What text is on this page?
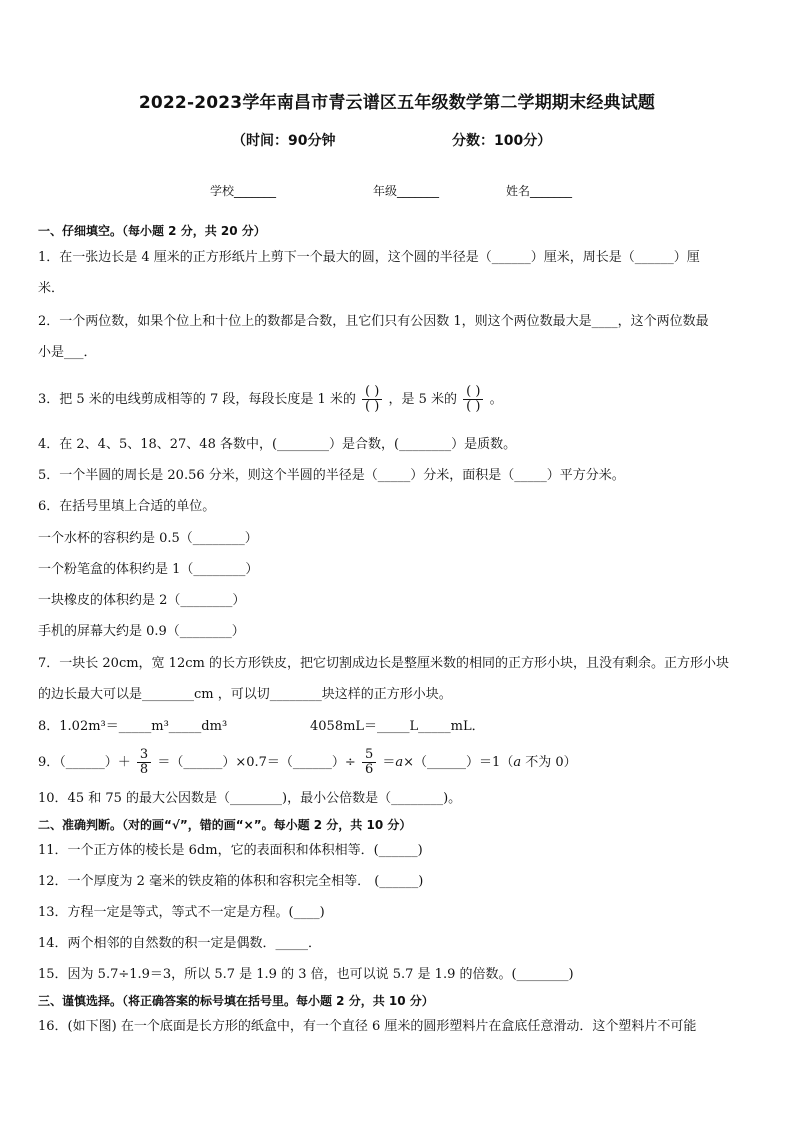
2022-2023学年南昌市青云谱区五年级数学第二学期期末经典试题
（时间：90分钟	分数：100分）
学校_______	年级_______	姓名_______
一、仔细填空。（每小题 2 分，共 20 分）
1．在一张边长是 4 厘米的正方形纸片上剪下一个最大的圆，这个圆的半径是（______）厘米，周长是（______）厘
米．
2．一个两位数，如果个位上和十位上的数都是合数，且它们只有公因数 1，则这个两位数最大是____，这个两位数最
小是___．
3．把 5 米的电线剪成相等的 7 段，每段长度是 1 米的 $\frac{( )}{( )}$ ，是 5 米的 $\frac{( )}{( )}$ 。
4．在 2、4、5、18、27、48 各数中，(________）是合数，(________）是质数。
5．一个半圆的周长是 20.56 分米，则这个半圆的半径是（_____）分米，面积是（_____）平方分米。
6．在括号里填上合适的单位。
一个水杯的容积约是 0.5（________）
一个粉笔盒的体积约是 1（________）
一块橡皮的体积约是 2（________）
手机的屏幕大约是 0.9（________）
7．一块长 20cm，宽 12cm 的长方形铁皮，把它切割成边长是整厘米数的相同的正方形小块，且没有剩余。正方形小块
的边长最大可以是________cm ，可以切________块这样的正方形小块。
8．1.02m³＝_____m³_____dm³	4058mL＝_____L_____mL．
9．（______）＋ $\frac{3}{8}$ ＝（______）×0.7＝（______）÷ $\frac{5}{6}$ ＝a×（______）＝1（a 不为 0）
10．45 和 75 的最大公因数是（________)，最小公倍数是（________)。
二、准确判断。（对的画“√”，错的画“×”。每小题 2 分，共 10 分）
11．一个正方体的棱长是 6dm，它的表面积和体积相等．(______)
12．一个厚度为 2 毫米的铁皮箱的体积和容积完全相等． (______)
13．方程一定是等式，等式不一定是方程。(____)
14．两个相邻的自然数的积一定是偶数．_____．
15．因为 5.7÷1.9＝3，所以 5.7 是 1.9 的 3 倍，也可以说 5.7 是 1.9 的倍数。(________)
三、谨慎选择。（将正确答案的标号填在括号里。每小题 2 分，共 10 分）
16．(如下图) 在一个底面是长方形的纸盒中，有一个直径 6 厘米的圆形塑料片在盒底任意滑动．这个塑料片不可能
